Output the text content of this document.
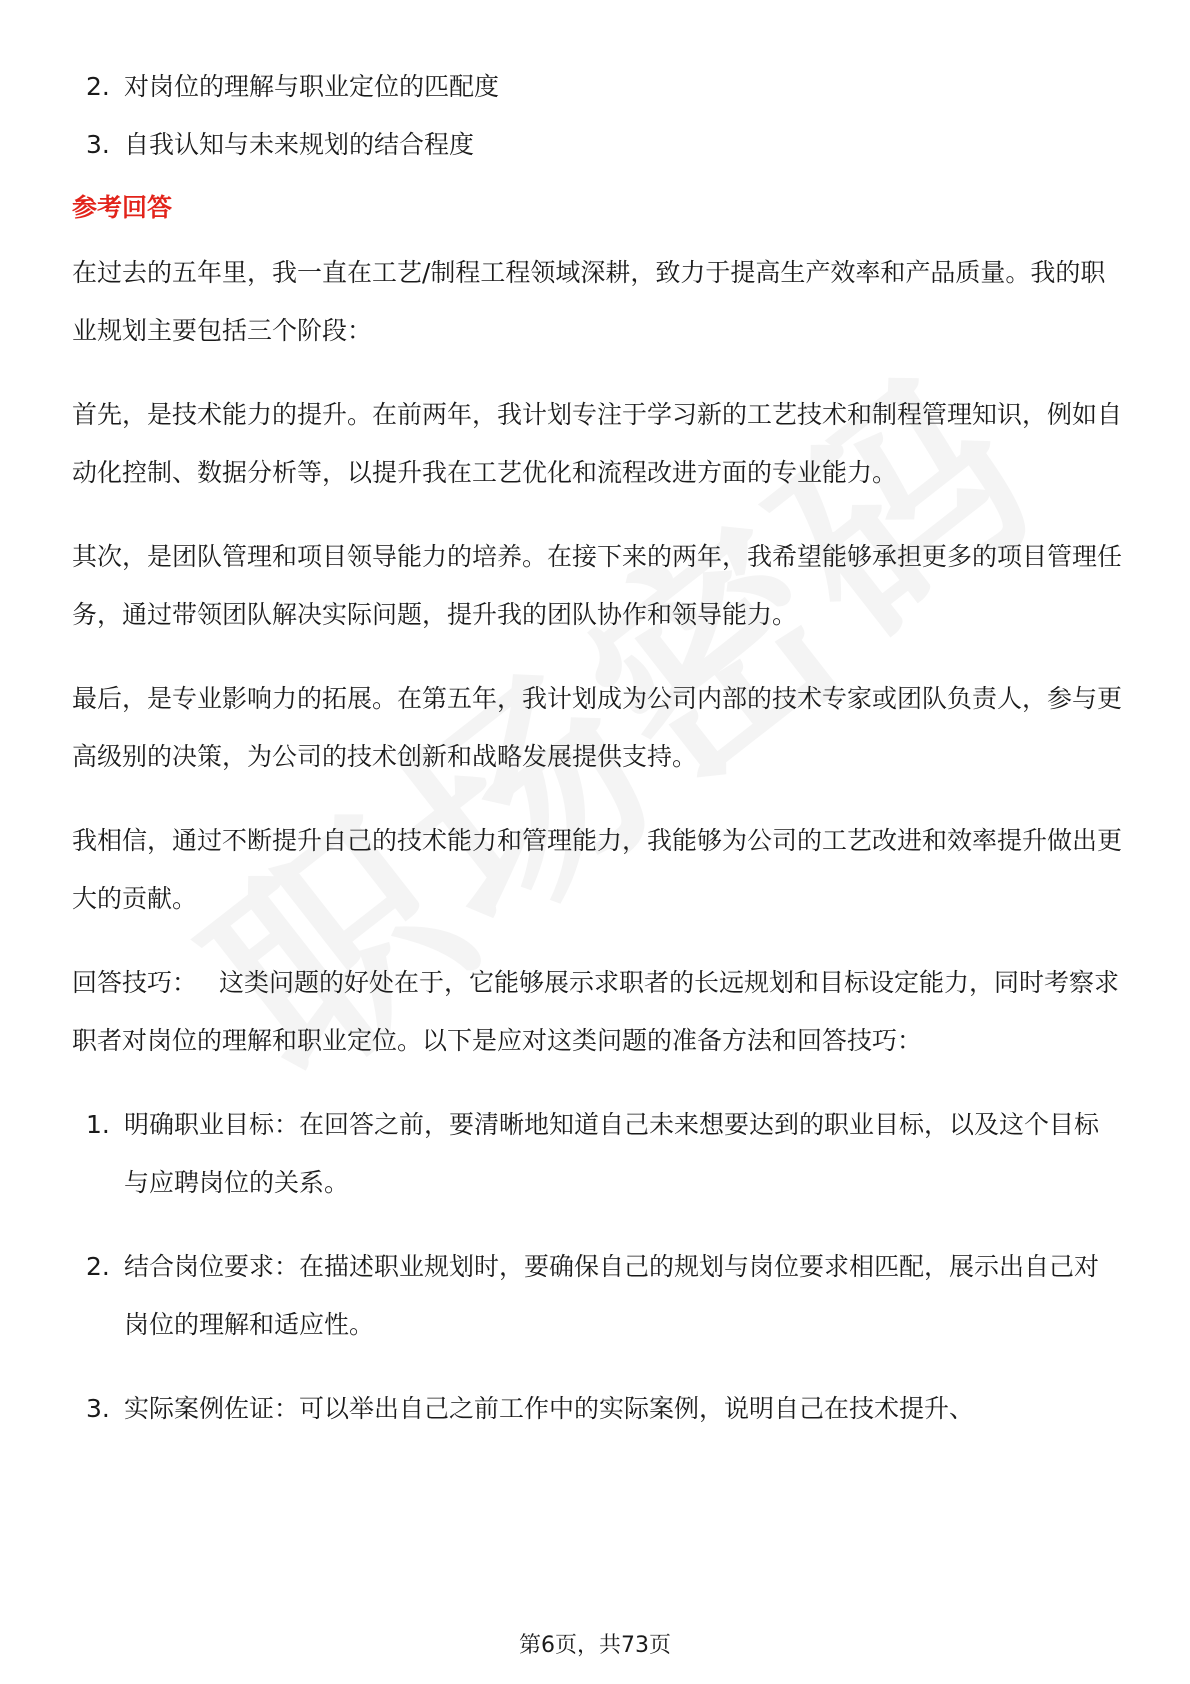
2. 对岗位的理解与职业定位的匹配度
3. 自我认知与未来规划的结合程度
参考回答

在过去的五年里，我一直在工艺/制程工程领域深耕，致力于提高生产效率和产品质量。我的职业规划主要包括三个阶段：

首先，是技术能力的提升。在前两年，我计划专注于学习新的工艺技术和制程管理知识，例如自动化控制、数据分析等，以提升我在工艺优化和流程改进方面的专业能力。

其次，是团队管理和项目领导能力的培养。在接下来的两年，我希望能够承担更多的项目管理任务，通过带领团队解决实际问题，提升我的团队协作和领导能力。

最后，是专业影响力的拓展。在第五年，我计划成为公司内部的技术专家或团队负责人，参与更高级别的决策，为公司的技术创新和战略发展提供支持。

我相信，通过不断提升自己的技术能力和管理能力，我能够为公司的工艺改进和效率提升做出更大的贡献。

回答技巧： 这类问题的好处在于，它能够展示求职者的长远规划和目标设定能力，同时考察求职者对岗位的理解和职业定位。以下是应对这类问题的准备方法和回答技巧：

1. 明确职业目标：在回答之前，要清晰地知道自己未来想要达到的职业目标，以及这个目标与应聘岗位的关系。
2. 结合岗位要求：在描述职业规划时，要确保自己的规划与岗位要求相匹配，展示出自己对岗位的理解和适应性。
3. 实际案例佐证：可以举出自己之前工作中的实际案例，说明自己在技术提升、
第6页，共73页
